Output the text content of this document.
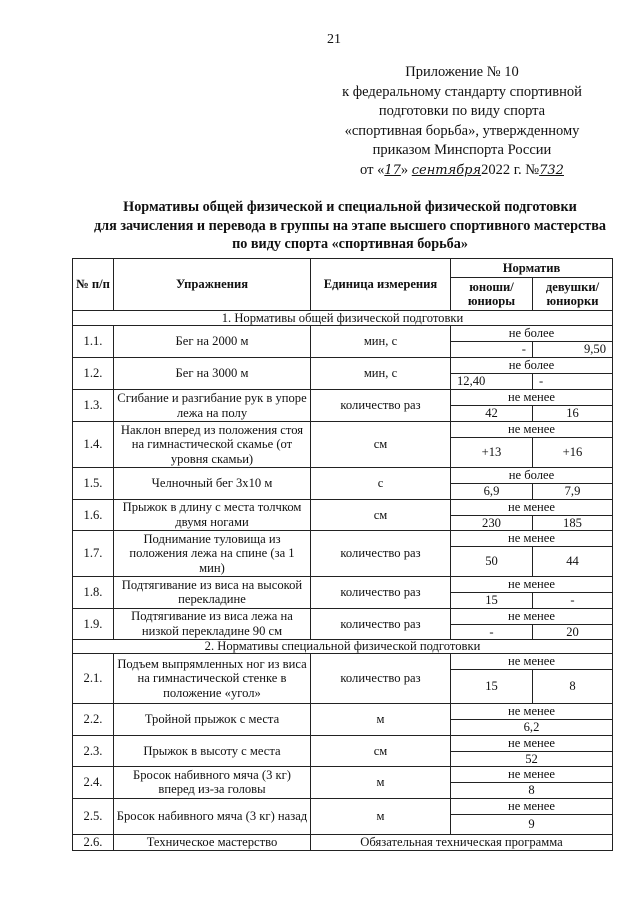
21
Приложение № 10
к федеральному стандарту спортивной
подготовки по виду спорта
«спортивная борьба», утвержденному
приказом Минспорта России
от «17» сентября2022 г. №732
Нормативы общей физической и специальной физической подготовки
для зачисления и перевода в группы на этапе высшего спортивного мастерства
по виду спорта «спортивная борьба»
№ п/п	Упражнения	Единица измерения	Норматив	
			юноши/ юниоры	девушки/ юниорки
1. Нормативы общей физической подготовки				
1.1.	Бег на 2000 м	мин, с	не более	
			-	9,50
1.2.	Бег на 3000 м	мин, с	не более	
			12,40	-
1.3.	Сгибание и разгибание рук в упоре лежа на полу	количество раз	не менее	
			42	16
1.4.	Наклон вперед из положения стоя на гимнастической скамье (от уровня скамьи)	см	не менее	
			+13	+16
1.5.	Челночный бег 3х10 м	с	не более	
			6,9	7,9
1.6.	Прыжок в длину с места толчком двумя ногами	см	не менее	
			230	185
1.7.	Поднимание туловища из положения лежа на спине (за 1 мин)	количество раз	не менее	
			50	44
1.8.	Подтягивание из виса на высокой перекладине	количество раз	не менее	
			15	-
1.9.	Подтягивание из виса лежа на низкой перекладине 90 см	количество раз	не менее	
			-	20
2. Нормативы специальной физической подготовки				
2.1.	Подъем выпрямленных ног из виса на гимнастической стенке в положение «угол»	количество раз	не менее	
			15	8
2.2.	Тройной прыжок с места	м	не менее	
			6,2	
2.3.	Прыжок в высоту с места	см	не менее	
			52	
2.4.	Бросок набивного мяча (3 кг) вперед из-за головы	м	не менее	
			8	
2.5.	Бросок набивного мяча (3 кг) назад	м	не менее	
			9	
2.6.	Техническое мастерство	Обязательная техническая программа		
